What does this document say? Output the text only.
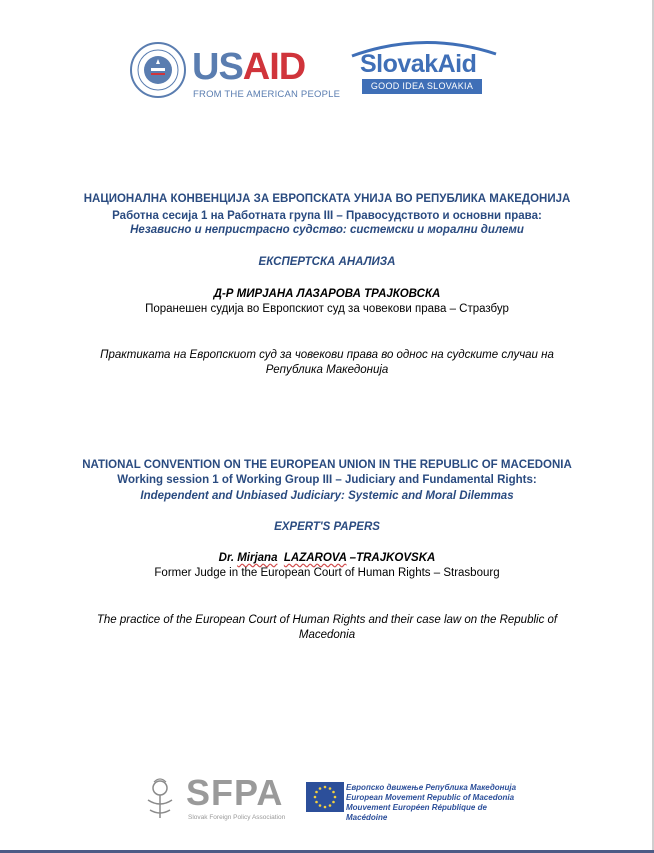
USAID
FROM THE AMERICAN PEOPLE
SlovakAid
GOOD IDEA SLOVAKIA
НАЦИОНАЛНА КОНВЕНЦИЈА ЗА ЕВРОПСКАТА УНИЈА ВО РЕПУБЛИКА МАКЕДОНИЈА
Работна сесија 1 на Работната група III – Правосудството и основни права:
Независно и непристрасно судство: системски и морални дилеми
ЕКСПЕРТСКА АНАЛИЗА
Д-Р МИРЈАНА ЛАЗАРОВА ТРАЈКОВСКА
Поранешен судија во Европскиот суд за човекови права – Стразбур
Практиката на Европскиот суд за човекови права во однос на судските случаи на
Република Македонија
NATIONAL CONVENTION ON THE EUROPEAN UNION IN THE REPUBLIC OF MACEDONIA
Working session 1 of Working Group III – Judiciary and Fundamental Rights:
Independent and Unbiased Judiciary: Systemic and Moral Dilemmas
EXPERT'S PAPERS
Dr. Mirjana LAZAROVA –TRAJKOVSKA
Former Judge in the European Court of Human Rights – Strasbourg
The practice of the European Court of Human Rights and their case law on the Republic of
Macedonia
SFPA
Slovak Foreign Policy Association
Европско движење Република Македонија
European Movement Republic of Macedonia
Mouvement Européen République de Macédoine
